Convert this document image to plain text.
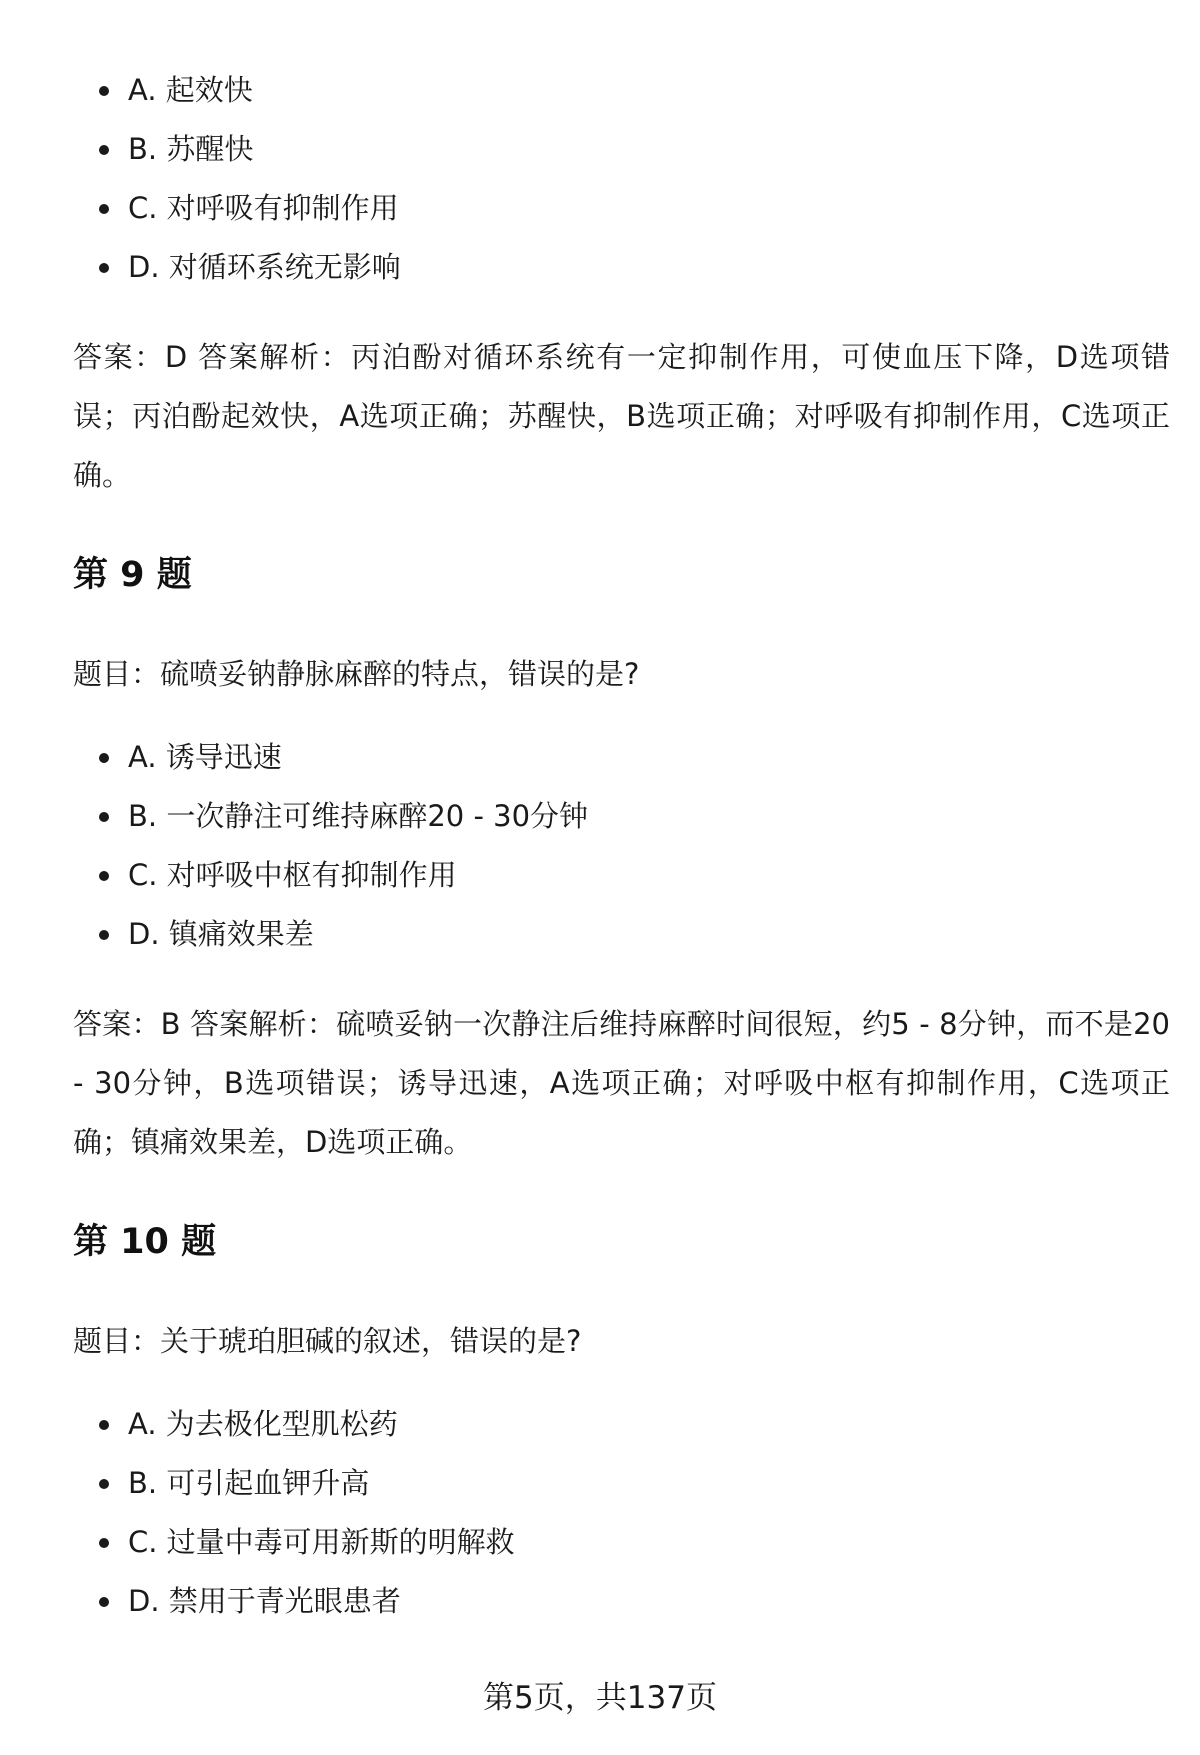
A. 起效快
B. 苏醒快
C. 对呼吸有抑制作用
D. 对循环系统无影响

答案：D 答案解析：丙泊酚对循环系统有一定抑制作用，可使血压下降，D选项错误；丙泊酚起效快，A选项正确；苏醒快，B选项正确；对呼吸有抑制作用，C选项正确。

第 9 题

题目：硫喷妥钠静脉麻醉的特点，错误的是?

A. 诱导迅速
B. 一次静注可维持麻醉20 - 30分钟
C. 对呼吸中枢有抑制作用
D. 镇痛效果差

答案：B 答案解析：硫喷妥钠一次静注后维持麻醉时间很短，约5 - 8分钟，而不是20 - 30分钟，B选项错误；诱导迅速，A选项正确；对呼吸中枢有抑制作用，C选项正确；镇痛效果差，D选项正确。

第 10 题

题目：关于琥珀胆碱的叙述，错误的是?

A. 为去极化型肌松药
B. 可引起血钾升高
C. 过量中毒可用新斯的明解救
D. 禁用于青光眼患者
第5页，共137页
